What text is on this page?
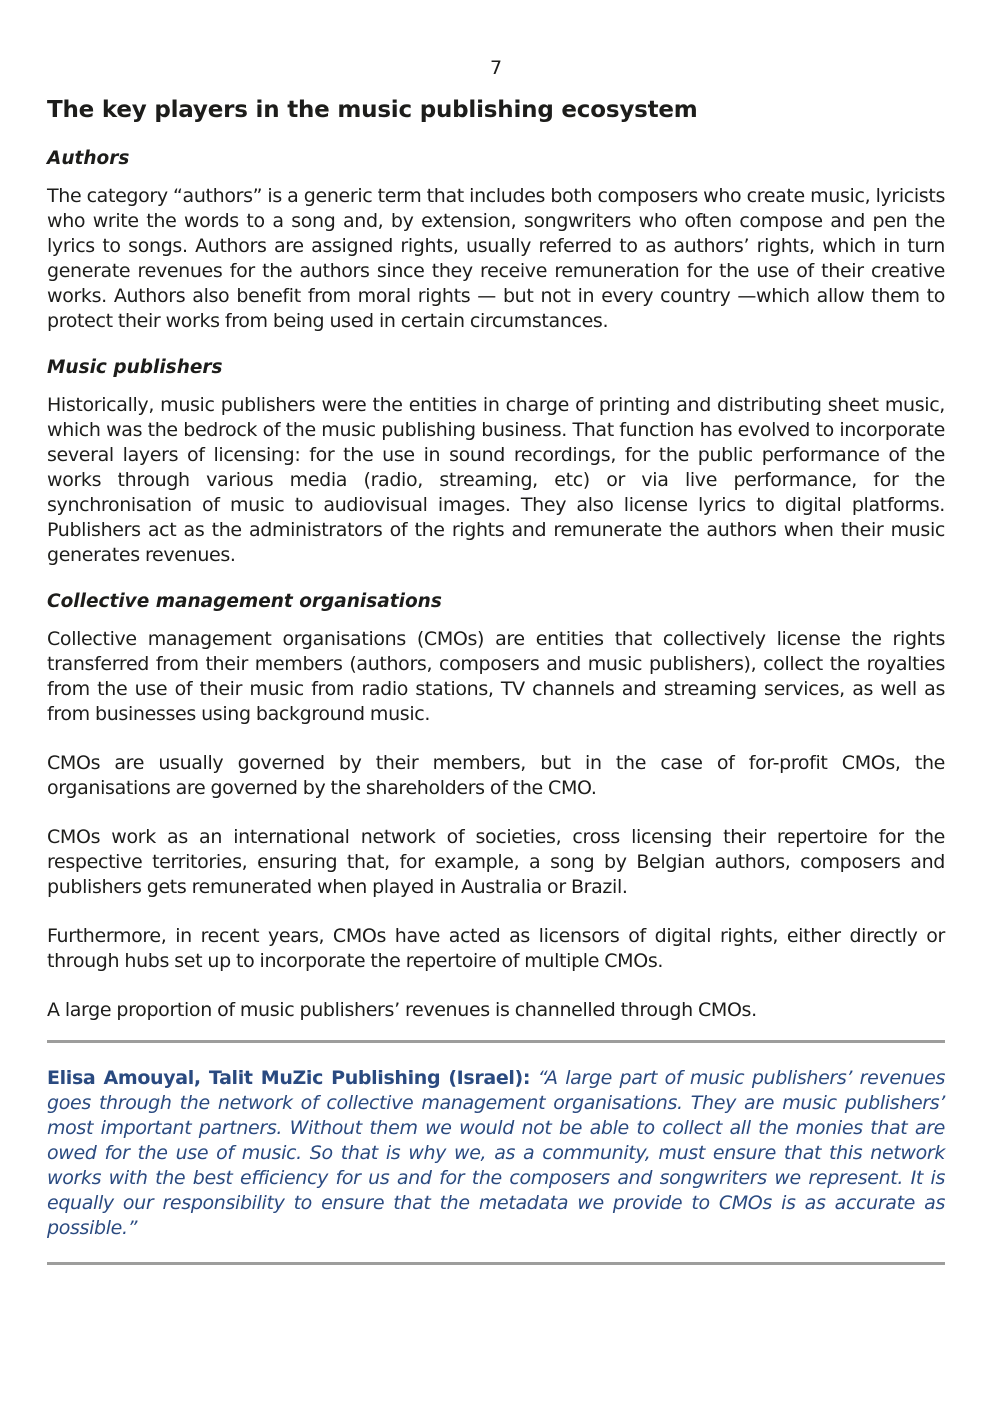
7
The key players in the music publishing ecosystem
Authors

The category “authors” is a generic term that includes both composers who create music, lyricists who write the words to a song and, by extension, songwriters who often compose and pen the lyrics to songs. Authors are assigned rights, usually referred to as authors’ rights, which in turn generate revenues for the authors since they receive remuneration for the use of their creative works. Authors also benefit from moral rights — but not in every country —which allow them to protect their works from being used in certain circumstances.

Music publishers

Historically, music publishers were the entities in charge of printing and distributing sheet music, which was the bedrock of the music publishing business. That function has evolved to incorporate several layers of licensing: for the use in sound recordings, for the public performance of the works through various media (radio, streaming, etc) or via live performance, for the synchronisation of music to audiovisual images. They also license lyrics to digital platforms. Publishers act as the administrators of the rights and remunerate the authors when their music generates revenues.

Collective management organisations

Collective management organisations (CMOs) are entities that collectively license the rights transferred from their members (authors, composers and music publishers), collect the royalties from the use of their music from radio stations, TV channels and streaming services, as well as from businesses using background music.

CMOs are usually governed by their members, but in the case of for-profit CMOs, the organisations are governed by the shareholders of the CMO.

CMOs work as an international network of societies, cross licensing their repertoire for the respective territories, ensuring that, for example, a song by Belgian authors, composers and publishers gets remunerated when played in Australia or Brazil.

Furthermore, in recent years, CMOs have acted as licensors of digital rights, either directly or through hubs set up to incorporate the repertoire of multiple CMOs.

A large proportion of music publishers’ revenues is channelled through CMOs.

Elisa Amouyal, Talit MuZic Publishing (Israel): “A large part of music publishers’ revenues goes through the network of collective management organisations. They are music publishers’ most important partners. Without them we would not be able to collect all the monies that are owed for the use of music. So that is why we, as a community, must ensure that this network works with the best efficiency for us and for the composers and songwriters we represent. It is equally our responsibility to ensure that the metadata we provide to CMOs is as accurate as possible.”
